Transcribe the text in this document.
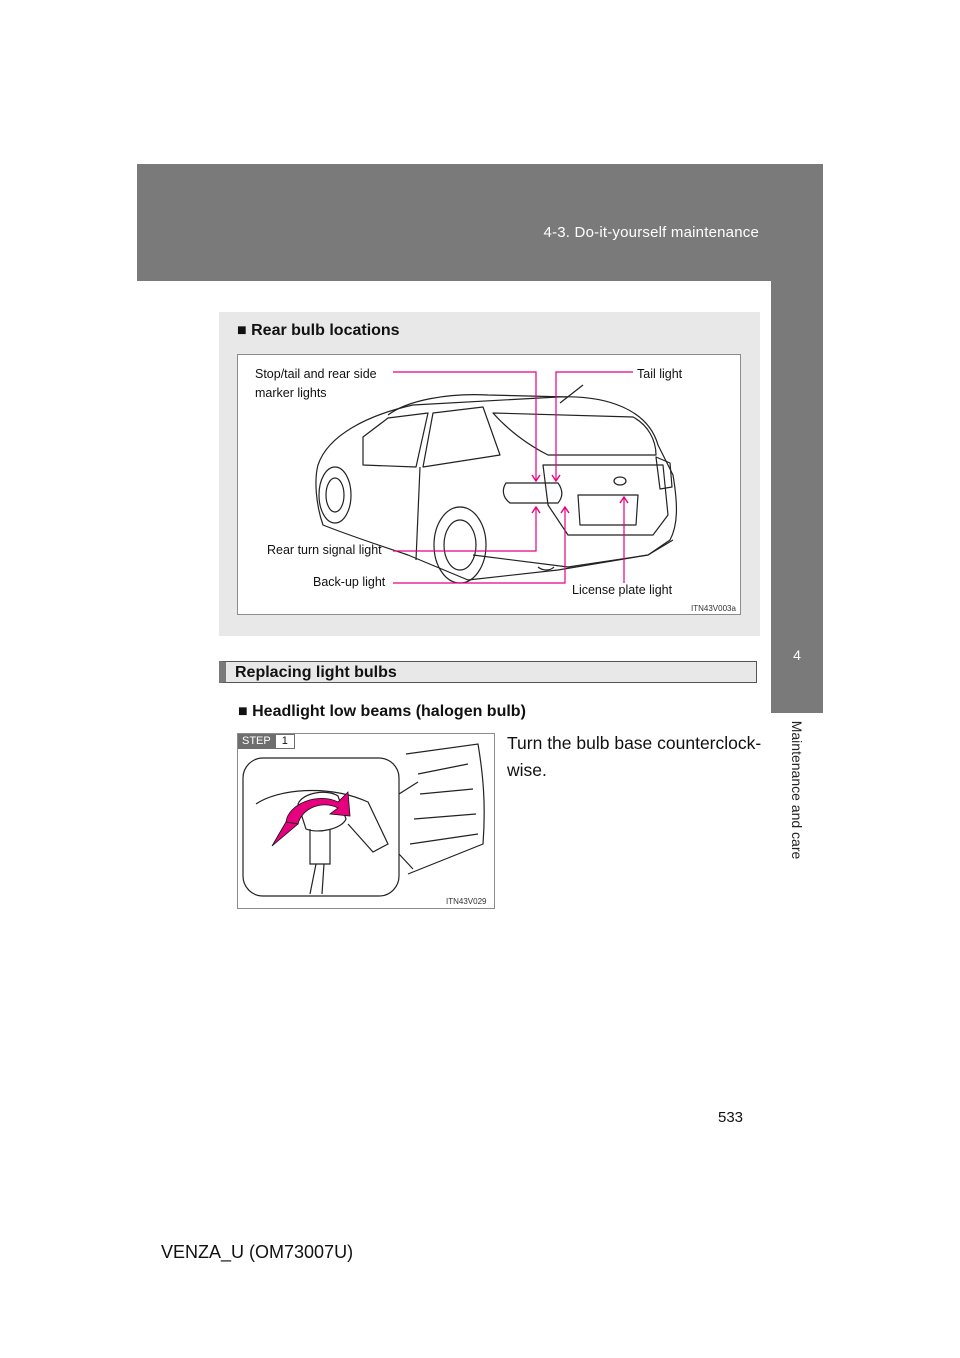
4-3. Do-it-yourself maintenance
4
Maintenance and care
■ Rear bulb locations
Stop/tail and rear side
marker lights
Tail light
Rear turn signal light
Back-up light
License plate light
ITN43V003a
Replacing light bulbs
■ Headlight low beams (halogen bulb)
STEP	1
ITN43V029
Turn the bulb base counterclock-wise.
533
VENZA_U (OM73007U)
